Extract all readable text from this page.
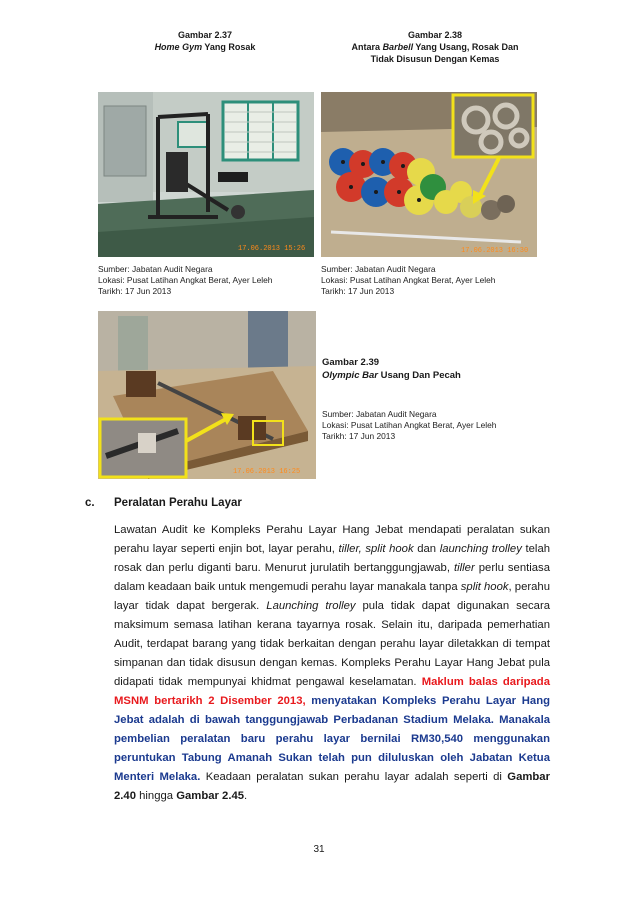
Gambar 2.37
Home Gym Yang Rosak
Gambar 2.38
Antara Barbell Yang Usang, Rosak Dan
Tidak Disusun Dengan Kemas
17.06.2013 15:26	17.06.2013 16:30
Sumber: Jabatan Audit Negara
Lokasi: Pusat Latihan Angkat Berat, Ayer Leleh
Tarikh: 17 Jun 2013
Sumber: Jabatan Audit Negara
Lokasi: Pusat Latihan Angkat Berat, Ayer Leleh
Tarikh: 17 Jun 2013
17.06.2013 16:25
Gambar 2.39
Olympic Bar Usang Dan Pecah
Sumber: Jabatan Audit Negara
Lokasi: Pusat Latihan Angkat Berat, Ayer Leleh
Tarikh: 17 Jun 2013
c. Peralatan Perahu Layar
Lawatan Audit ke Kompleks Perahu Layar Hang Jebat mendapati peralatan sukan perahu layar seperti enjin bot, layar perahu, tiller, split hook dan launching trolley telah rosak dan perlu diganti baru. Menurut jurulatih bertanggungjawab, tiller perlu sentiasa dalam keadaan baik untuk mengemudi perahu layar manakala tanpa split hook, perahu layar tidak dapat bergerak. Launching trolley pula tidak dapat digunakan secara maksimum semasa latihan kerana tayarnya rosak. Selain itu, daripada pemerhatian Audit, terdapat barang yang tidak berkaitan dengan perahu layar diletakkan di tempat simpanan dan tidak disusun dengan kemas. Kompleks Perahu Layar Hang Jebat pula didapati tidak mempunyai khidmat pengawal keselamatan. Maklum balas daripada MSNM bertarikh 2 Disember 2013, menyatakan Kompleks Perahu Layar Hang Jebat adalah di bawah tanggungjawab Perbadanan Stadium Melaka. Manakala pembelian peralatan baru perahu layar bernilai RM30,540 menggunakan peruntukan Tabung Amanah Sukan telah pun diluluskan oleh Jabatan Ketua Menteri Melaka. Keadaan peralatan sukan perahu layar adalah seperti di Gambar 2.40 hingga Gambar 2.45.
31
